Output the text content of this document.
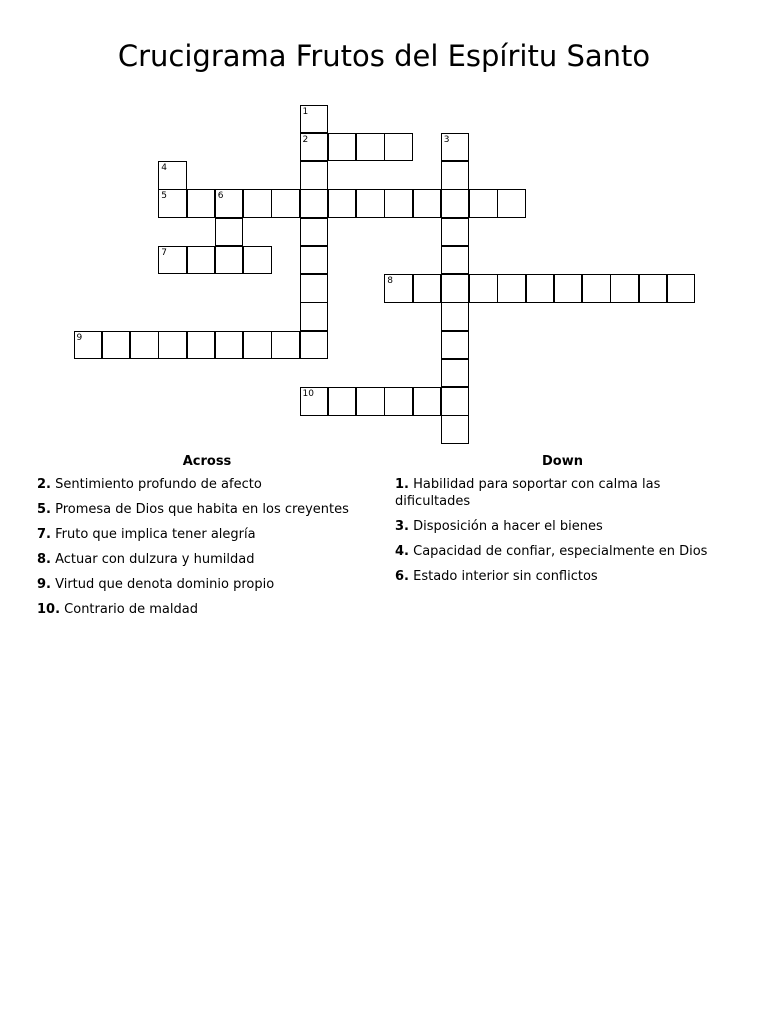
Crucigrama Frutos del Espíritu Santo
1
2	3
4
5	6
7
8
9
10
Across
2. Sentimiento profundo de afecto
5. Promesa de Dios que habita en los creyentes
7. Fruto que implica tener alegría
8. Actuar con dulzura y humildad
9. Virtud que denota dominio propio
10. Contrario de maldad
Down
1. Habilidad para soportar con calma las dificultades
3. Disposición a hacer el bienes
4. Capacidad de confiar, especialmente en Dios
6. Estado interior sin conflictos
